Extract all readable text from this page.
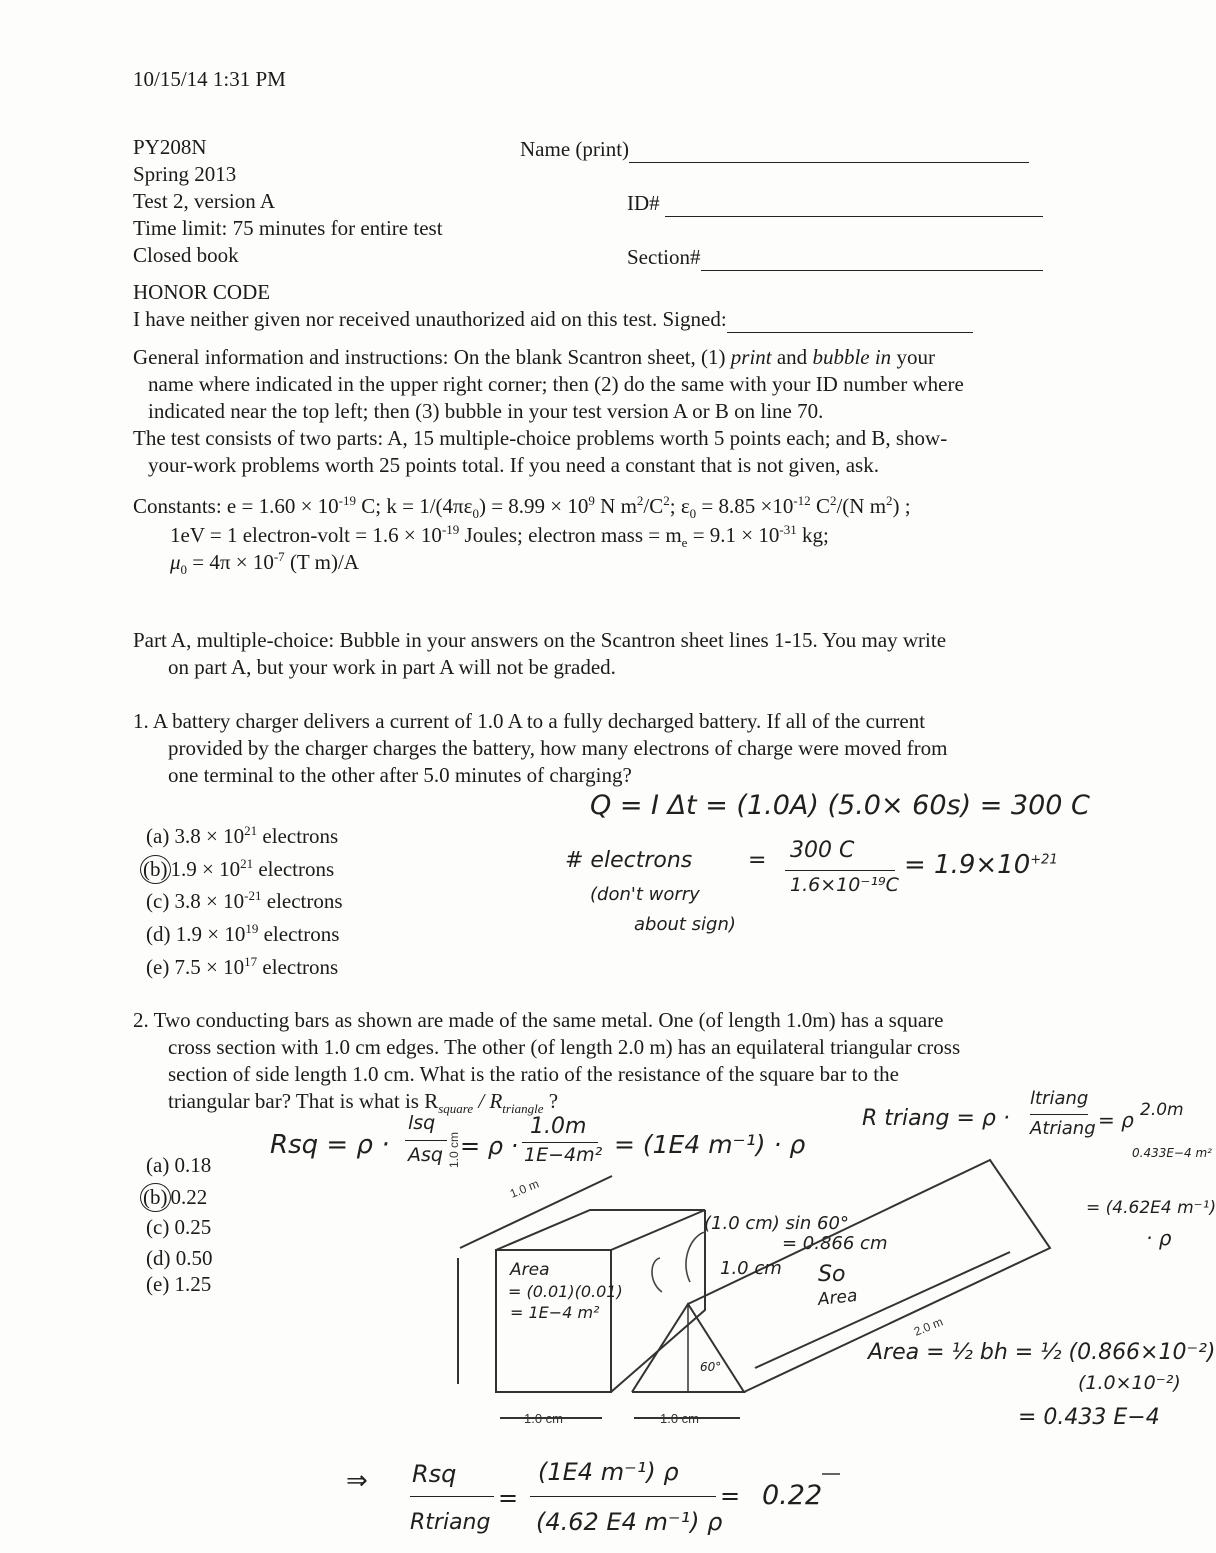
10/15/14 1:31 PM
PY208N
Spring 2013
Test 2, version A
Time limit: 75 minutes for entire test
Closed book
Name (print)
ID#
Section#
HONOR CODE
I have neither given nor received unauthorized aid on this test. Signed:
General information and instructions: On the blank Scantron sheet, (1) print and bubble in your
name where indicated in the upper right corner; then (2) do the same with your ID number where
indicated near the top left; then (3) bubble in your test version A or B on line 70.
The test consists of two parts: A, 15 multiple-choice problems worth 5 points each; and B, show-
your-work problems worth 25 points total. If you need a constant that is not given, ask.
Constants: $e = 1.60 \times 10^{-19}$ C; $k = 1/(4\pi\varepsilon_0) = 8.99 \times 10^9$ N $m^2/C^2$; $\varepsilon_0 = 8.85 \times 10^{-12}$ $C^2/(N$ $m^2$) ;
1eV = 1 electron-volt = $1.6 \times 10^{-19}$ Joules; electron mass = $m_e = 9.1 \times 10^{-31}$ kg;
$\mu_0 = 4\pi \times 10^{-7}$ (T m)/A
Part A, multiple-choice: Bubble in your answers on the Scantron sheet lines 1-15. You may write
on part A, but your work in part A will not be graded.
1. A battery charger delivers a current of 1.0 A to a fully decharged battery. If all of the current
provided by the charger charges the battery, how many electrons of charge were moved from
one terminal to the other after 5.0 minutes of charging?
(a) $3.8 \times 10^{21}$ electrons
(b) $1.9 \times 10^{21}$ electrons
(c) $3.8 \times 10^{-21}$ electrons
(d) $1.9 \times 10^{19}$ electrons
(e) $7.5 \times 10^{17}$ electrons
Q = I Δt = (1.0A) (5.0× 60s) = 300 C
# electrons	= 300 C
1.6×10⁻¹⁹C
= $1.9\times 10^{+21}$
(don't worry
about sign)
2. Two conducting bars as shown are made of the same metal. One (of length 1.0m) has a square
cross section with 1.0 cm edges. The other (of length 2.0 m) has an equilateral triangular cross
section of side length 1.0 cm. What is the ratio of the resistance of the square bar to the
triangular bar? That is what is $R_{square} / R_{triangle}$ ?
(a) 0.18
(b) 0.22
(c) 0.25
(d) 0.50
(e) 1.25
Rsq = ρ ·
lsq
Asq = ρ ·
1.0m
1E−4m² = (1E4 m⁻¹) · ρ
R triang = ρ ·
ltriang
Atriang = ρ 2.0m
0.433E−4 m²
= (4.62E4 m⁻¹)
· ρ
(1.0 cm) sin 60°
= 0.866 cm
So
Area
Area = ½ bh = ½ (0.866×10⁻²)
(1.0×10⁻²)
= 0.433 E−4
1.0 m
2.0 m
1.0 cm
1.0 cm	1.0 cm
Area
= (0.01)(0.01)
= 1E−4 m²
1.0 cm
60°
⇒ Rsq
Rtriang
=
(1E4 m⁻¹) ρ
(4.62 E4 m⁻¹) ρ
= 0.22
